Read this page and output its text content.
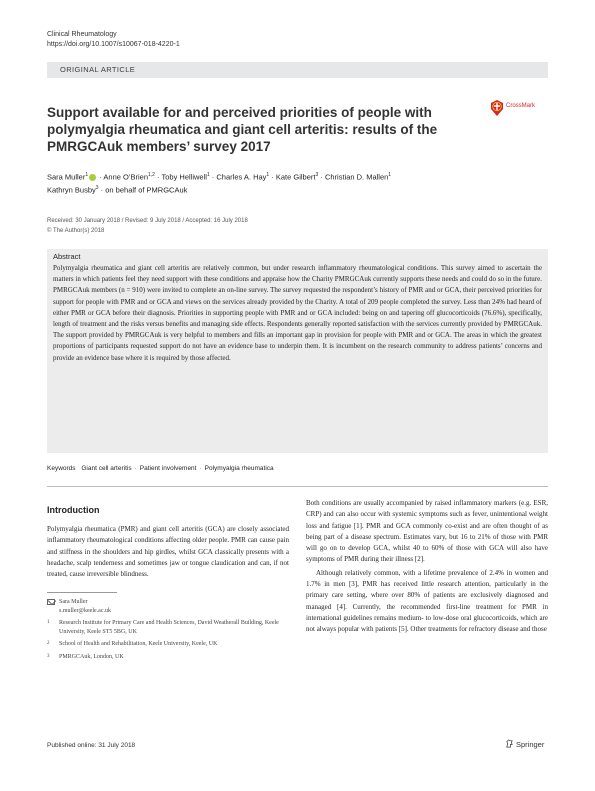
Clinical Rheumatology
https://doi.org/10.1007/s10067-018-4220-1
ORIGINAL ARTICLE
CrossMark
Support available for and perceived priorities of people with polymyalgia rheumatica and giant cell arteritis: results of the PMRGCAuk members’ survey 2017
Sara Muller$^1$ · Anne O’Brien$^{1,2}$ · Toby Helliwell$^1$ · Charles A. Hay$^1$ · Kate Gilbert$^3$ · Christian D. Mallen$^1$
Kathryn Busby$^3$ · on behalf of PMRGCAuk
Received: 30 January 2018 / Revised: 9 July 2018 / Accepted: 16 July 2018
© The Author(s) 2018
Abstract

Polymyalgia rheumatica and giant cell arteritis are relatively common, but under research inflammatory rheumatological conditions. This survey aimed to ascertain the matters in which patients feel they need support with these conditions and appraise how the Charity PMRGCAuk currently supports these needs and could do so in the future. PMRGCAuk members (n = 910) were invited to complete an on-line survey. The survey requested the respondent’s history of PMR and or GCA, their perceived priorities for support for people with PMR and or GCA and views on the services already provided by the Charity. A total of 209 people completed the survey. Less than 24% had heard of either PMR or GCA before their diagnosis. Priorities in supporting people with PMR and or GCA included: being on and tapering off glucocorticoids (76.6%), specifically, length of treatment and the risks versus benefits and managing side effects. Respondents generally reported satisfaction with the services currently provided by PMRGCAuk. The support provided by PMRGCAuk is very helpful to members and fills an important gap in provision for people with PMR and or GCA. The areas in which the greatest proportions of participants requested support do not have an evidence base to underpin them. It is incumbent on the research community to address patients’ concerns and provide an evidence base where it is required by those affected.

Keywords Giant cell arteritis · Patient involvement · Polymyalgia rheumatica
Introduction

Polymyalgia rheumatica (PMR) and giant cell arteritis (GCA) are closely associated inflammatory rheumatological conditions affecting older people. PMR can cause pain and stiffness in the shoulders and hip girdles, whilst GCA classically presents with a headache, scalp tenderness and sometimes jaw or tongue claudication and can, if not treated, cause irreversible blindness.

Both conditions are usually accompanied by raised inflammatory markers (e.g. ESR, CRP) and can also occur with systemic symptoms such as fever, unintentional weight loss and fatigue [1]. PMR and GCA commonly co-exist and are often thought of as being part of a disease spectrum. Estimates vary, but 16 to 21% of those with PMR will go on to develop GCA, whilst 40 to 60% of those with GCA will also have symptoms of PMR during their illness [2].

Although relatively common, with a lifetime prevalence of 2.4% in women and 1.7% in men [3], PMR has received little research attention, particularly in the primary care setting, where over 80% of patients are exclusively diagnosed and managed [4]. Currently, the recommended first-line treatment for PMR in international guidelines remains medium- to low-dose oral glucocorticoids, which are not always popular with patients [5]. Other treatments for refractory disease and those

Sara Muller
s.muller@keele.ac.uk
1 Research Institute for Primary Care and Health Sciences, David Weatherall Building, Keele University, Keele ST5 5BG, UK
2 School of Health and Rehabilitation, Keele University, Keele, UK
3 PMRGCAuk, London, UK
Published online: 31 July 2018	Springer
